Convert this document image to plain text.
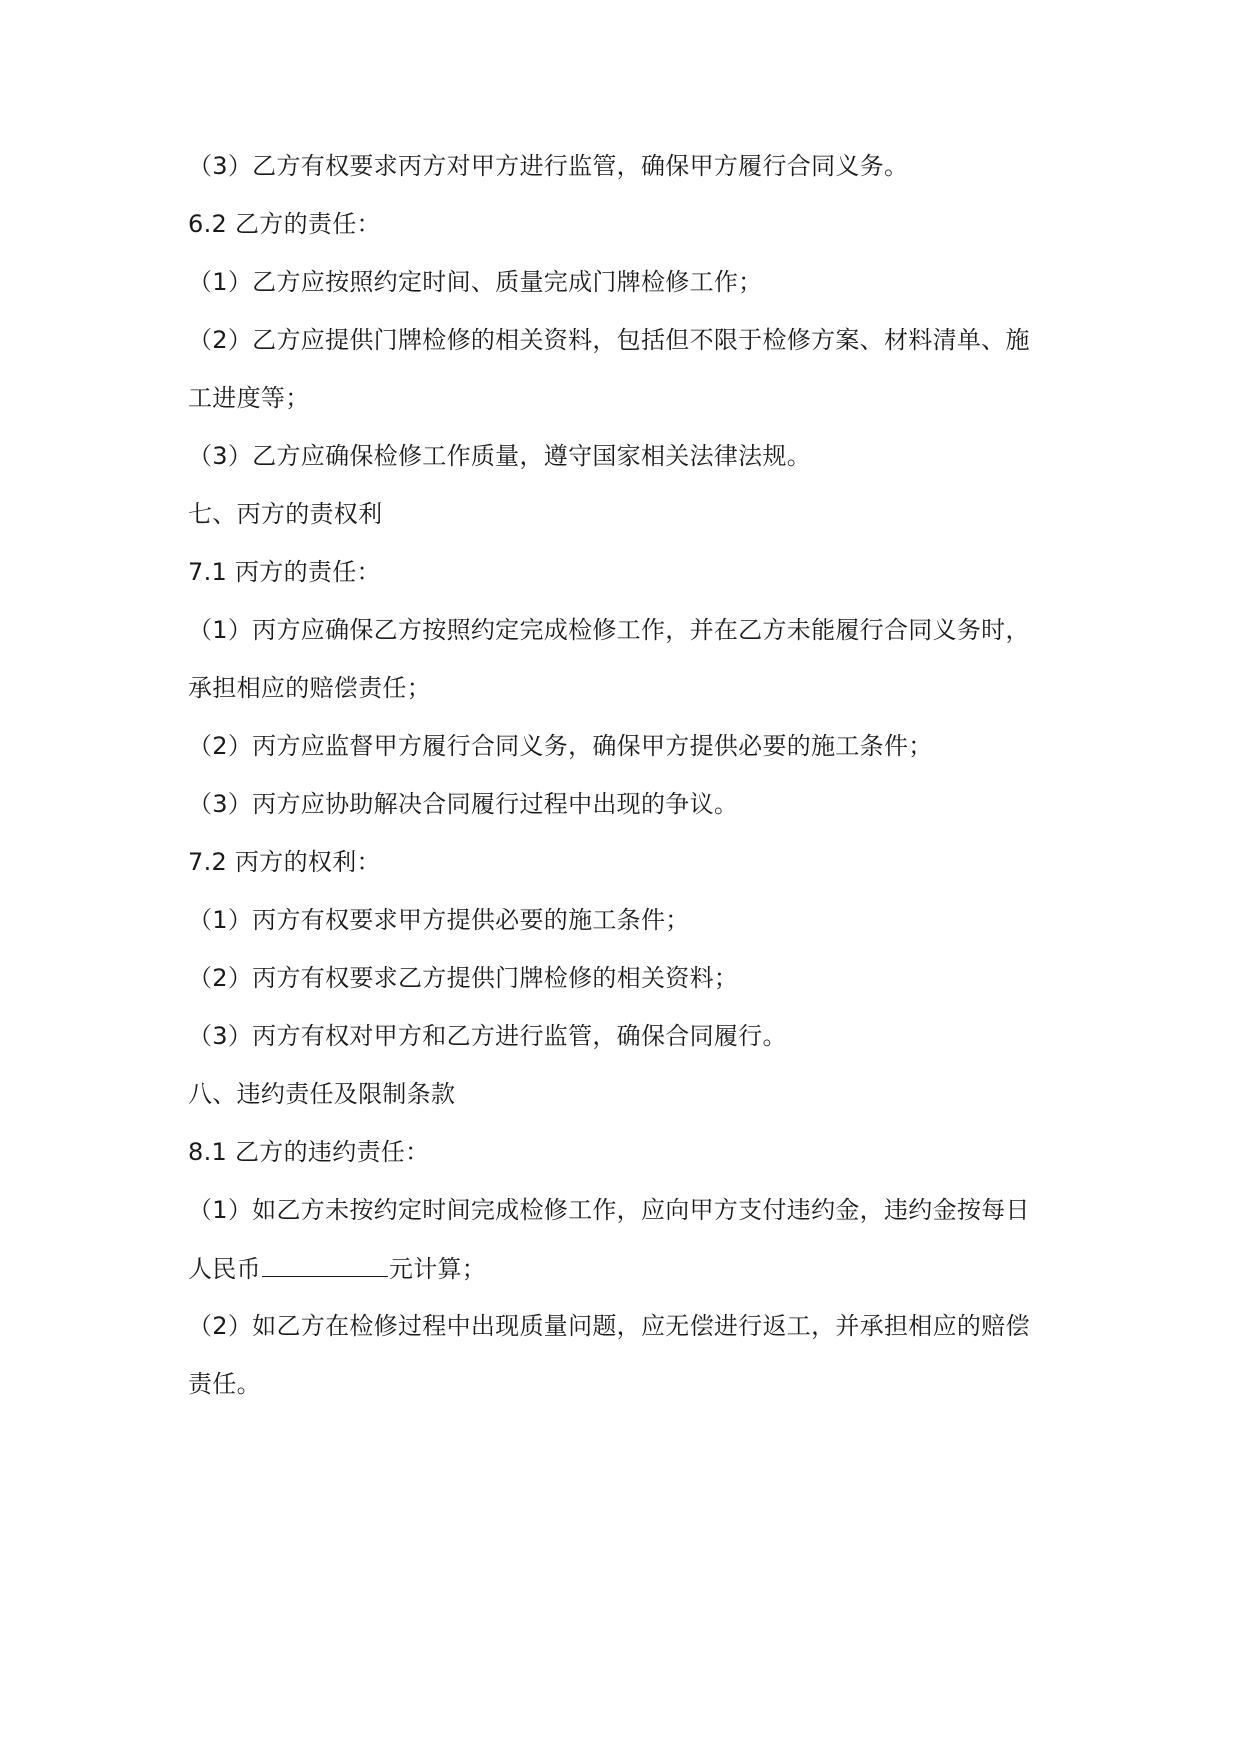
（3）乙方有权要求丙方对甲方进行监管，确保甲方履行合同义务。
6.2 乙方的责任：
（1）乙方应按照约定时间、质量完成门牌检修工作；
（2）乙方应提供门牌检修的相关资料，包括但不限于检修方案、材料清单、施
工进度等；
（3）乙方应确保检修工作质量，遵守国家相关法律法规。
七、丙方的责权利
7.1 丙方的责任：
（1）丙方应确保乙方按照约定完成检修工作，并在乙方未能履行合同义务时，
承担相应的赔偿责任；
（2）丙方应监督甲方履行合同义务，确保甲方提供必要的施工条件；
（3）丙方应协助解决合同履行过程中出现的争议。
7.2 丙方的权利：
（1）丙方有权要求甲方提供必要的施工条件；
（2）丙方有权要求乙方提供门牌检修的相关资料；
（3）丙方有权对甲方和乙方进行监管，确保合同履行。
八、违约责任及限制条款
8.1 乙方的违约责任：
（1）如乙方未按约定时间完成检修工作，应向甲方支付违约金，违约金按每日
人民币	元计算；
（2）如乙方在检修过程中出现质量问题，应无偿进行返工，并承担相应的赔偿
责任。
